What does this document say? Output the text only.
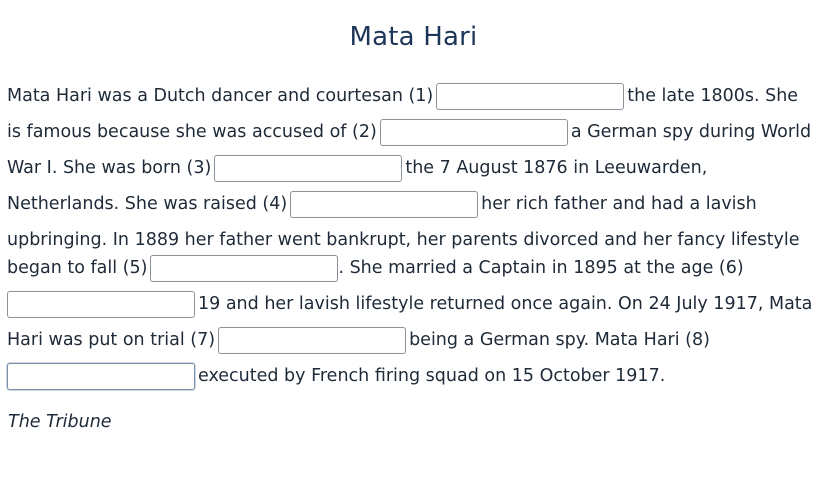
Mata Hari
Mata Hari was a Dutch dancer and courtesan (1)	the late 1800s. She
is famous because she was accused of (2)	a German spy during World
War I. She was born (3)	the 7 August 1876 in Leeuwarden,
Netherlands. She was raised (4)	her rich father and had a lavish
upbringing. In 1889 her father went bankrupt, her parents divorced and her fancy lifestyle
began to fall (5)	. She married a Captain in 1895 at the age (6)
19 and her lavish lifestyle returned once again. On 24 July 1917, Mata
Hari was put on trial (7)	being a German spy. Mata Hari (8)
executed by French firing squad on 15 October 1917.
The Tribune
